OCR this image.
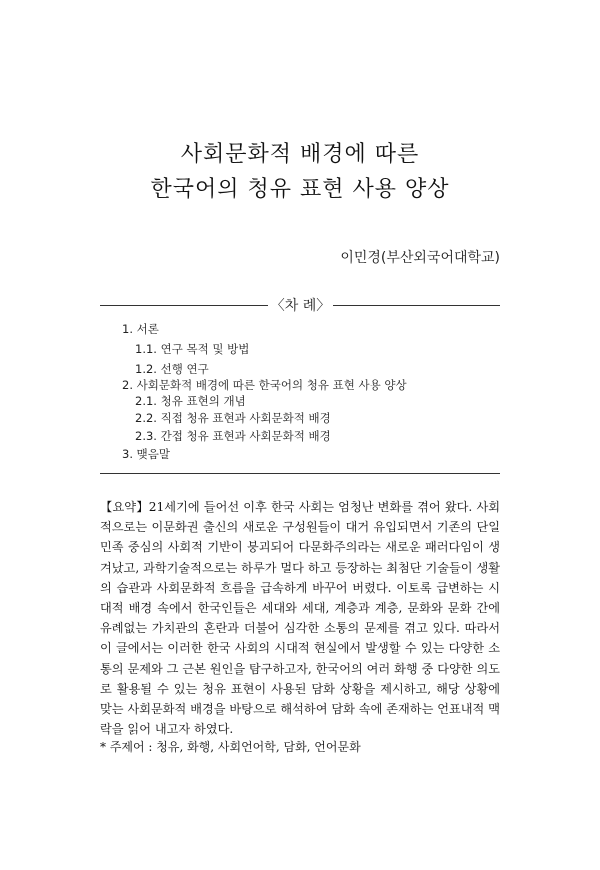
사회문화적 배경에 따른
한국어의 청유 표현 사용 양상
이민경(부산외국어대학교)
〈차 례〉
1. 서론
1.1. 연구 목적 및 방법
1.2. 선행 연구
2. 사회문화적 배경에 따른 한국어의 청유 표현 사용 양상
2.1. 청유 표현의 개념
2.2. 직접 청유 표현과 사회문화적 배경
2.3. 간접 청유 표현과 사회문화적 배경
3. 맺음말
【요약】21세기에 들어선 이후 한국 사회는 엄청난 변화를 겪어 왔다. 사회적으로는 이문화권 출신의 새로운 구성원들이 대거 유입되면서 기존의 단일민족 중심의 사회적 기반이 붕괴되어 다문화주의라는 새로운 패러다임이 생겨났고, 과학기술적으로는 하루가 멀다 하고 등장하는 최첨단 기술들이 생활의 습관과 사회문화적 흐름을 급속하게 바꾸어 버렸다. 이토록 급변하는 시대적 배경 속에서 한국인들은 세대와 세대, 계층과 계층, 문화와 문화 간에 유례없는 가치관의 혼란과 더불어 심각한 소통의 문제를 겪고 있다. 따라서 이 글에서는 이러한 한국 사회의 시대적 현실에서 발생할 수 있는 다양한 소통의 문제와 그 근본 원인을 탐구하고자, 한국어의 여러 화행 중 다양한 의도로 활용될 수 있는 청유 표현이 사용된 담화 상황을 제시하고, 해당 상황에 맞는 사회문화적 배경을 바탕으로 해석하여 담화 속에 존재하는 언표내적 맥락을 읽어 내고자 하였다.
* 주제어 : 청유, 화행, 사회언어학, 담화, 언어문화
